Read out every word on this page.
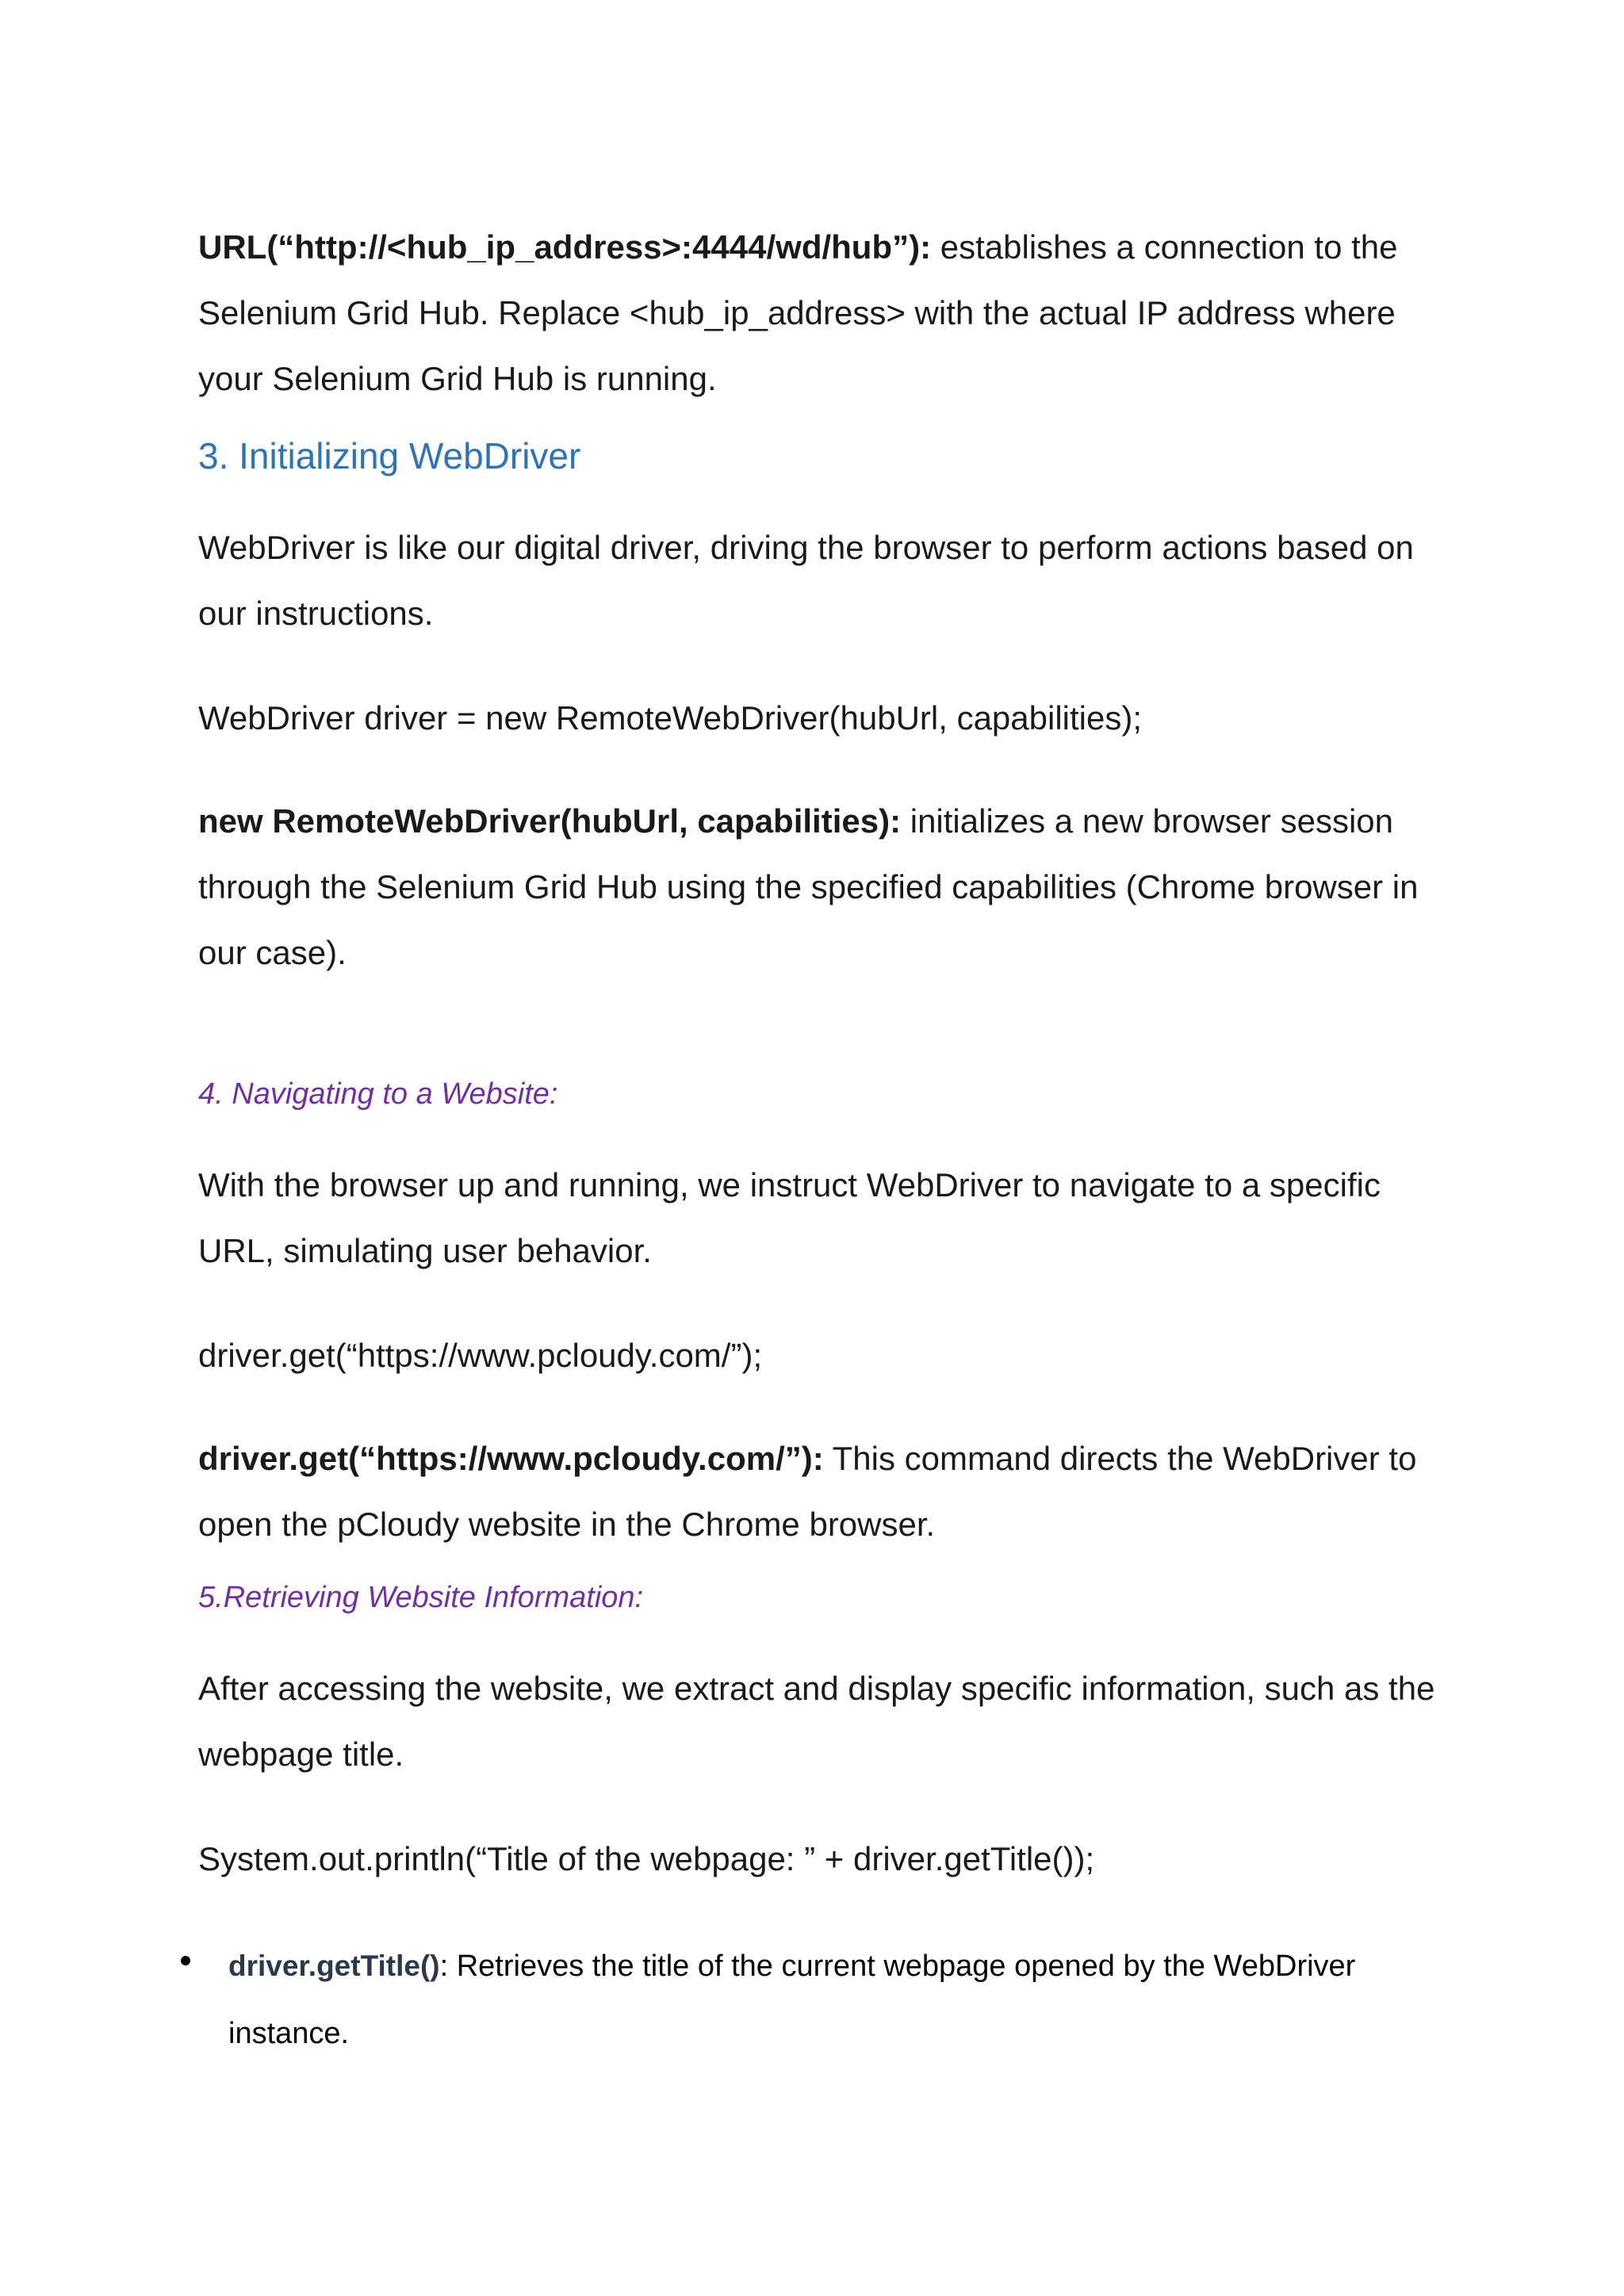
URL(“http://<hub_ip_address>:4444/wd/hub”): establishes a connection to the

Selenium Grid Hub. Replace <hub_ip_address> with the actual IP address where

your Selenium Grid Hub is running.

3. Initializing WebDriver

WebDriver is like our digital driver, driving the browser to perform actions based on

our instructions.

WebDriver driver = new RemoteWebDriver(hubUrl, capabilities);

new RemoteWebDriver(hubUrl, capabilities): initializes a new browser session

through the Selenium Grid Hub using the specified capabilities (Chrome browser in

our case).

4. Navigating to a Website:

With the browser up and running, we instruct WebDriver to navigate to a specific

URL, simulating user behavior.

driver.get(“https://www.pcloudy.com/”);

driver.get(“https://www.pcloudy.com/”): This command directs the WebDriver to

open the pCloudy website in the Chrome browser.

5.Retrieving Website Information:

After accessing the website, we extract and display specific information, such as the

webpage title.

System.out.println(“Title of the webpage: ” + driver.getTitle());

driver.getTitle(): Retrieves the title of the current webpage opened by the WebDriver
instance.
